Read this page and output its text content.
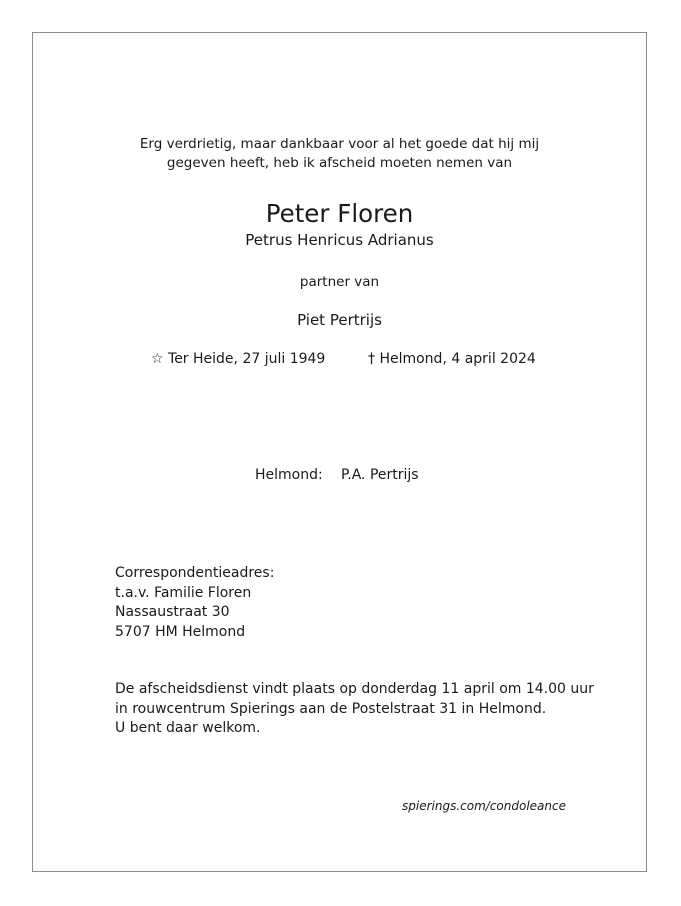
Erg verdrietig, maar dankbaar voor al het goede dat hij mij
gegeven heeft, heb ik afscheid moeten nemen van
Peter Floren
Petrus Henricus Adrianus
partner van
Piet Pertrijs
☆ Ter Heide, 27 juli 1949	† Helmond, 4 april 2024
Helmond: P.A. Pertrijs
Correspondentieadres:
t.a.v. Familie Floren
Nassaustraat 30
5707 HM Helmond
De afscheidsdienst vindt plaats op donderdag 11 april om 14.00 uur
in rouwcentrum Spierings aan de Postelstraat 31 in Helmond.
U bent daar welkom.
spierings.com/condoleance
